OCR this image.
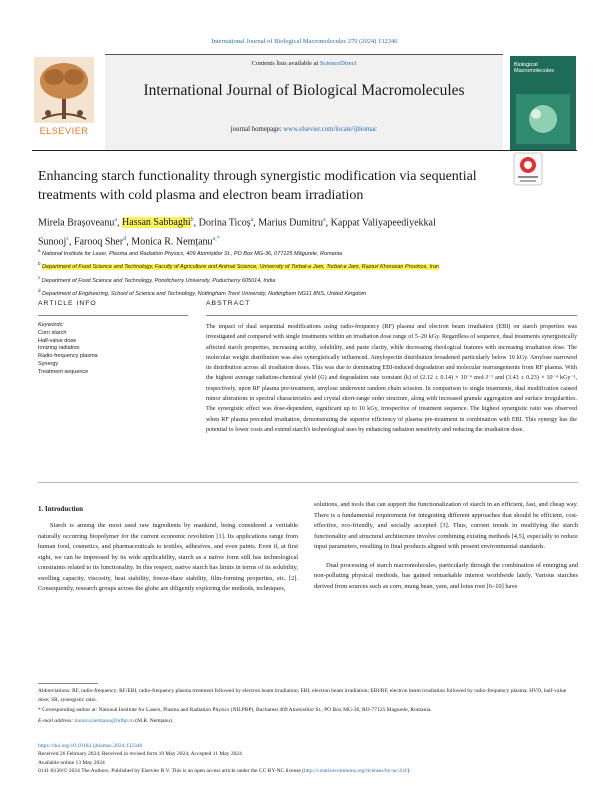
International Journal of Biological Macromolecules 270 (2024) 132346
ELSEVIER
Contents lists available at ScienceDirect
International Journal of Biological Macromolecules
journal homepage: www.elsevier.com/locate/ijbiomac
Biological Macromolecules
Enhancing starch functionality through synergistic modification via sequential treatments with cold plasma and electron beam irradiation
Mirela Brașoveanu$^a$, Hassan Sabbaghi$^b$, Dorina Ticoș$^a$, Marius Dumitru$^a$, Kappat Valiyapeediyekkal Sunooj$^c$, Farooq Sher$^d$, Monica R. Nemțanu$^{a,*}$
$^a$ National Institute for Laser, Plasma and Radiation Physics, 409 Atomiștilor St., PO Box MG-36, 077125 Măgurele, Romania
$^b$ Department of Food Science and Technology, Faculty of Agriculture and Animal Science, University of Torbat-e Jam, Torbat-e Jam, Razavi Khorasan Province, Iran
$^c$ Department of Food Science and Technology, Pondicherry University, Puducherry 605014, India
$^d$ Department of Engineering, School of Science and Technology, Nottingham Trent University, Nottingham NG11 8NS, United Kingdom
ARTICLE INFO
Keywords:
Corn starch
Half-value dose
Ionizing radiation
Radio-frequency plasma
Synergy
Treatment sequence
ABSTRACT
The impact of dual sequential modifications using radio-frequency (RF) plasma and electron beam irradiation (EBI) on starch properties was investigated and compared with single treatments within an irradiation dose range of 5–20 kGy. Regardless of sequence, dual treatments synergistically affected starch properties, increasing acidity, solubility, and paste clarity, while decreasing rheological features with increasing irradiation dose. The molecular weight distribution was also synergistically influenced. Amylopectin distribution broadened particularly below 10 kGy. Amylose narrowed its distribution across all irradiation doses. This was due to dominating EBI-induced degradation and molecular rearrangements from RF plasma. With the highest average radiation-chemical yield (G) and degradation rate constant (k) of (2.12 ± 0.14) × 10⁻⁶ mol·J⁻¹ and (3.43 ± 0.23) × 10⁻⁴ kGy⁻¹, respectively, upon RF plasma pre-treatment, amylose underwent random chain scission. In comparison to single treatments, dual modification caused minor alterations in spectral characteristics and crystal short-range order structure, along with increased granule aggregation and surface irregularities. The synergistic effect was dose-dependent, significant up to 10 kGy, irrespective of treatment sequence. The highest synergistic ratio was observed when RF plasma preceded irradiation, demonstrating the superior efficiency of plasma pre-treatment in combination with EBI. This synergy has the potential to lower costs and extend starch's technological uses by enhancing radiation sensitivity and reducing the irradiation dose.
1. Introduction

Starch is among the most used raw ingredients by mankind, being considered a veritable naturally occurring biopolymer for the current economic revolution [1]. Its applications range from human food, cosmetics, and pharmaceuticals to textiles, adhesives, and even paints. Even if, at first sight, we can be impressed by its wide applicability, starch as a native form still has technological constraints related to its functionality. In this respect, native starch has limits in terms of its solubility, swelling capacity, viscosity, heat stability, freeze-thaw stability, film-forming properties, etc. [2]. Consequently, research groups across the globe are diligently exploring the methods, techniques,

solutions, and tools that can support the functionalization of starch in an efficient, fast, and cheap way. There is a fundamental requirement for integrating different approaches that should be efficient, cost-effective, eco-friendly, and socially accepted [3]. Thus, current trends in modifying the starch functionality and structural architecture involve combining existing methods [4,5], especially to reduce input parameters, resulting in final products aligned with present environmental standards.

Dual processing of starch macromolecules, particularly through the combination of emerging and non-polluting physical methods, has gained remarkable interest worldwide lately. Various starches derived from sources such as corn, mung bean, yam, and lotus root [6–10] have

Abbreviations: RF, radio-frequency; RF/EBI, radio-frequency plasma treatment followed by electron beam irradiation; EBI, electron beam irradiation; EBI/RF, electron beam irradiation followed by radio-frequency plasma; HVD, half-value dose; SR, synergistic ratio.

* Corresponding author at: National Institute for Lasers, Plasma and Radiation Physics (NILPRP), Bucharest 409 Atomistilor St., PO Box MG-36, RO-77125 Magurele, Romania.

E-mail address: monica.nemtanu@inflpr.ro (M.R. Nemțanu).

https://doi.org/10.1016/j.ijbiomac.2024.132346
Received 26 February 2024; Received in revised form 10 May 2024; Accepted 11 May 2024
Available online 13 May 2024
0141-8130/© 2024 The Authors. Published by Elsevier B.V. This is an open access article under the CC BY-NC license (http://creativecommons.org/licenses/by-nc/4.0/).
